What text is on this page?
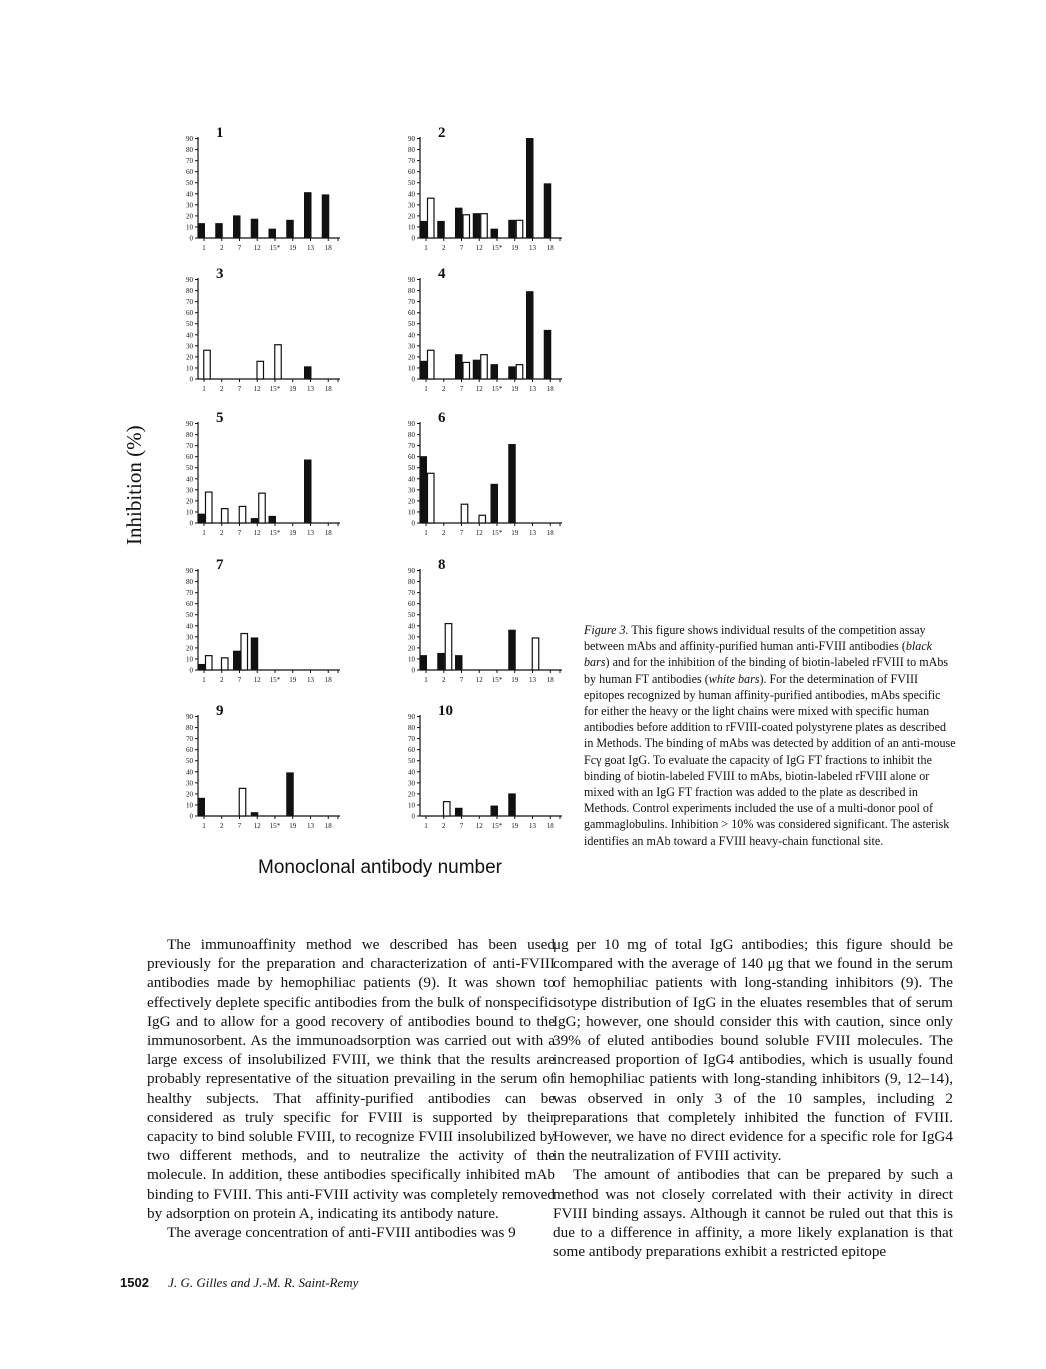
0
10
20
30
40
50
60
70
80
90 1
1 2 7 12 15* 19 13 18
0
10
20
30
40
50
60
70
80
90 2
1 2 7 12 15* 19 13 18
0
10
20
30
40
50
60
70
80
90 3
1 2 7 12 15* 19 13 18
0
10
20
30
40
50
60
70
80
90 4
1 2 7 12 15* 19 13 18
0
10
20
30
40
50
60
70
80
90 5
1 2 7 12 15* 19 13 18
0
10
20
30
40
50
60
70
80
90 6
1 2 7 12 15* 19 13 18
0
10
20
30
40
50
60
70
80
90 7
1 2 7 12 15* 19 13 18
0
10
20
30
40
50
60
70
80
90 8
1 2 7 12 15* 19 13 18
0
10
20
30
40
50
60
70
80
90 9
1 2 7 12 15* 19 13 18
0
10
20
30
40
50
60
70
80
90 10
1 2 7 12 15* 19 13 18
Inhibition (%)
Monoclonal antibody number
Figure 3. This figure shows individual results of the competition assay between mAbs and affinity-purified human anti-FVIII antibodies (black bars) and for the inhibition of the binding of biotin-labeled rFVIII to mAbs by human FT antibodies (white bars). For the determination of FVIII epitopes recognized by human affinity-purified antibodies, mAbs specific for either the heavy or the light chains were mixed with specific human antibodies before addition to rFVIII-coated polystyrene plates as described in Methods. The binding of mAbs was detected by addition of an anti-mouse Fcγ goat IgG. To evaluate the capacity of IgG FT fractions to inhibit the binding of biotin-labeled FVIII to mAbs, biotin-labeled rFVIII alone or mixed with an IgG FT fraction was added to the plate as described in Methods. Control experiments included the use of a multi-donor pool of gammaglobulins. Inhibition > 10% was considered significant. The asterisk identifies an mAb toward a FVIII heavy-chain functional site.

The immunoaffinity method we described has been used previously for the preparation and characterization of anti-FVIII antibodies made by hemophiliac patients (9). It was shown to effectively deplete specific antibodies from the bulk of nonspecific IgG and to allow for a good recovery of antibodies bound to the immunosorbent. As the immunoadsorption was carried out with a large excess of insolubilized FVIII, we think that the results are probably representative of the situation prevailing in the serum of healthy subjects. That affinity-purified antibodies can be considered as truly specific for FVIII is supported by their capacity to bind soluble FVIII, to recognize FVIII insolubilized by two different methods, and to neutralize the activity of the molecule. In addition, these antibodies specifically inhibited mAb binding to FVIII. This anti-FVIII activity was completely removed by adsorption on protein A, indicating its antibody nature.

The average concentration of anti-FVIII antibodies was 9

μg per 10 mg of total IgG antibodies; this figure should be compared with the average of 140 μg that we found in the serum of hemophiliac patients with long-standing inhibitors (9). The isotype distribution of IgG in the eluates resembles that of serum IgG; however, one should consider this with caution, since only 39% of eluted antibodies bound soluble FVIII molecules. The increased proportion of IgG4 antibodies, which is usually found in hemophiliac patients with long-standing inhibitors (9, 12–14), was observed in only 3 of the 10 samples, including 2 preparations that completely inhibited the function of FVIII. However, we have no direct evidence for a specific role for IgG4 in the neutralization of FVIII activity.

The amount of antibodies that can be prepared by such a method was not closely correlated with their activity in direct FVIII binding assays. Although it cannot be ruled out that this is due to a difference in affinity, a more likely explanation is that some antibody preparations exhibit a restricted epitope

1502 J. G. Gilles and J.-M. R. Saint-Remy
